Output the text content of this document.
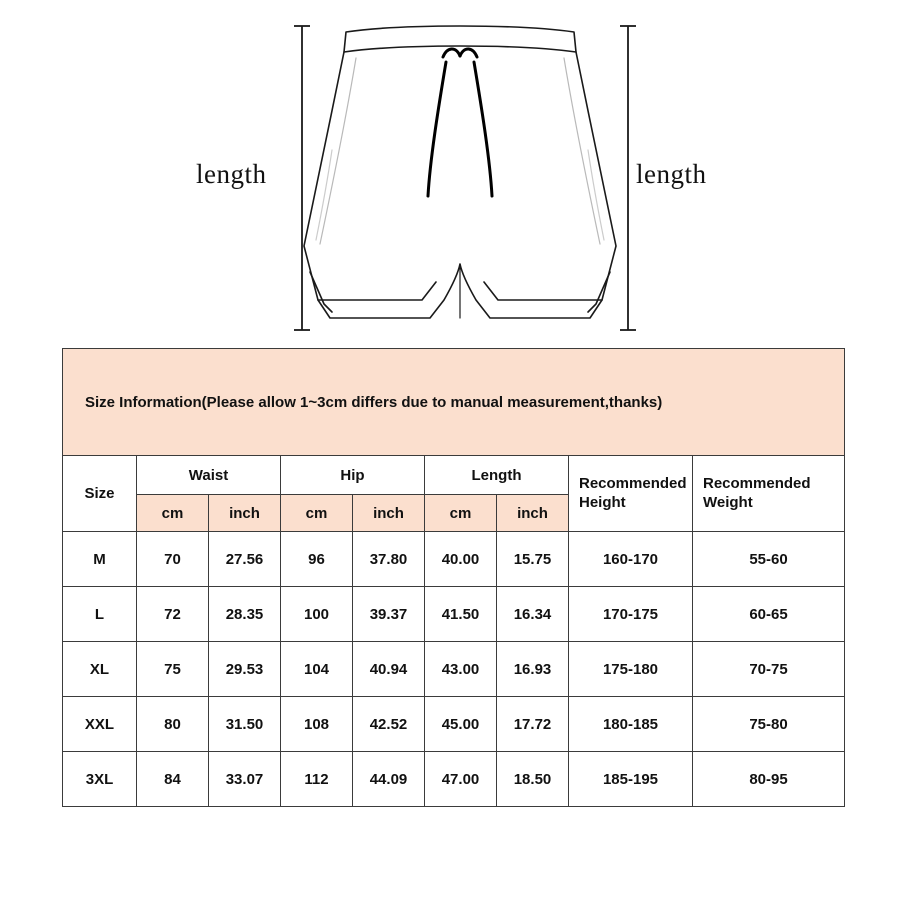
length	length
Size Information(Please allow 1~3cm differs due to manual measurement,thanks)								
Size	Waist		Hip		Length		Recommended Height	Recommended Weight
	cm	inch	cm	inch	cm	inch		
M	70	27.56	96	37.80	40.00	15.75	160-170	55-60
L	72	28.35	100	39.37	41.50	16.34	170-175	60-65
XL	75	29.53	104	40.94	43.00	16.93	175-180	70-75
XXL	80	31.50	108	42.52	45.00	17.72	180-185	75-80
3XL	84	33.07	112	44.09	47.00	18.50	185-195	80-95
